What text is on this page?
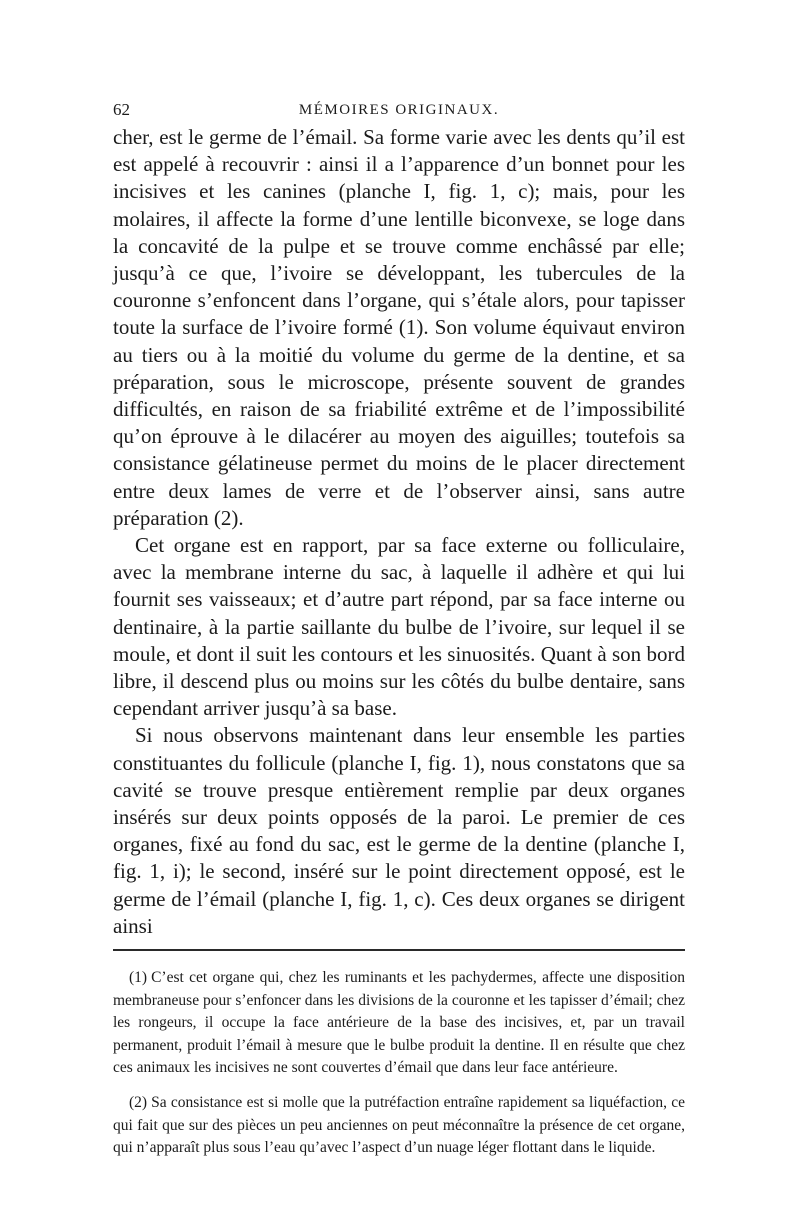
62	MÉMOIRES ORIGINAUX.

cher, est le germe de l’émail. Sa forme varie avec les dents qu’il est est appelé à recouvrir : ainsi il a l’apparence d’un bonnet pour les incisives et les canines (planche I, fig. 1, c); mais, pour les molaires, il affecte la forme d’une lentille biconvexe, se loge dans la concavité de la pulpe et se trouve comme enchâssé par elle; jusqu’à ce que, l’ivoire se développant, les tubercules de la couronne s’enfoncent dans l’organe, qui s’étale alors, pour tapisser toute la surface de l’ivoire formé (1). Son volume équivaut environ au tiers ou à la moitié du volume du germe de la dentine, et sa préparation, sous le microscope, présente souvent de grandes difficultés, en raison de sa friabilité extrême et de l’impossibilité qu’on éprouve à le dilacérer au moyen des aiguilles; toutefois sa consistance gélatineuse permet du moins de le placer directement entre deux lames de verre et de l’observer ainsi, sans autre préparation (2).

Cet organe est en rapport, par sa face externe ou folliculaire, avec la membrane interne du sac, à laquelle il adhère et qui lui fournit ses vaisseaux; et d’autre part répond, par sa face interne ou dentinaire, à la partie saillante du bulbe de l’ivoire, sur lequel il se moule, et dont il suit les contours et les sinuosités. Quant à son bord libre, il descend plus ou moins sur les côtés du bulbe dentaire, sans cependant arriver jusqu’à sa base.

Si nous observons maintenant dans leur ensemble les parties constituantes du follicule (planche I, fig. 1), nous constatons que sa cavité se trouve presque entièrement remplie par deux organes insérés sur deux points opposés de la paroi. Le premier de ces organes, fixé au fond du sac, est le germe de la dentine (planche I, fig. 1, i); le second, inséré sur le point directement opposé, est le germe de l’émail (planche I, fig. 1, c). Ces deux organes se dirigent ainsi

(1) C’est cet organe qui, chez les ruminants et les pachydermes, affecte une disposition membraneuse pour s’enfoncer dans les divisions de la couronne et les tapisser d’émail; chez les rongeurs, il occupe la face antérieure de la base des incisives, et, par un travail permanent, produit l’émail à mesure que le bulbe produit la dentine. Il en résulte que chez ces animaux les incisives ne sont couvertes d’émail que dans leur face antérieure.

(2) Sa consistance est si molle que la putréfaction entraîne rapidement sa liquéfaction, ce qui fait que sur des pièces un peu anciennes on peut méconnaître la présence de cet organe, qui n’apparaît plus sous l’eau qu’avec l’aspect d’un nuage léger flottant dans le liquide.
